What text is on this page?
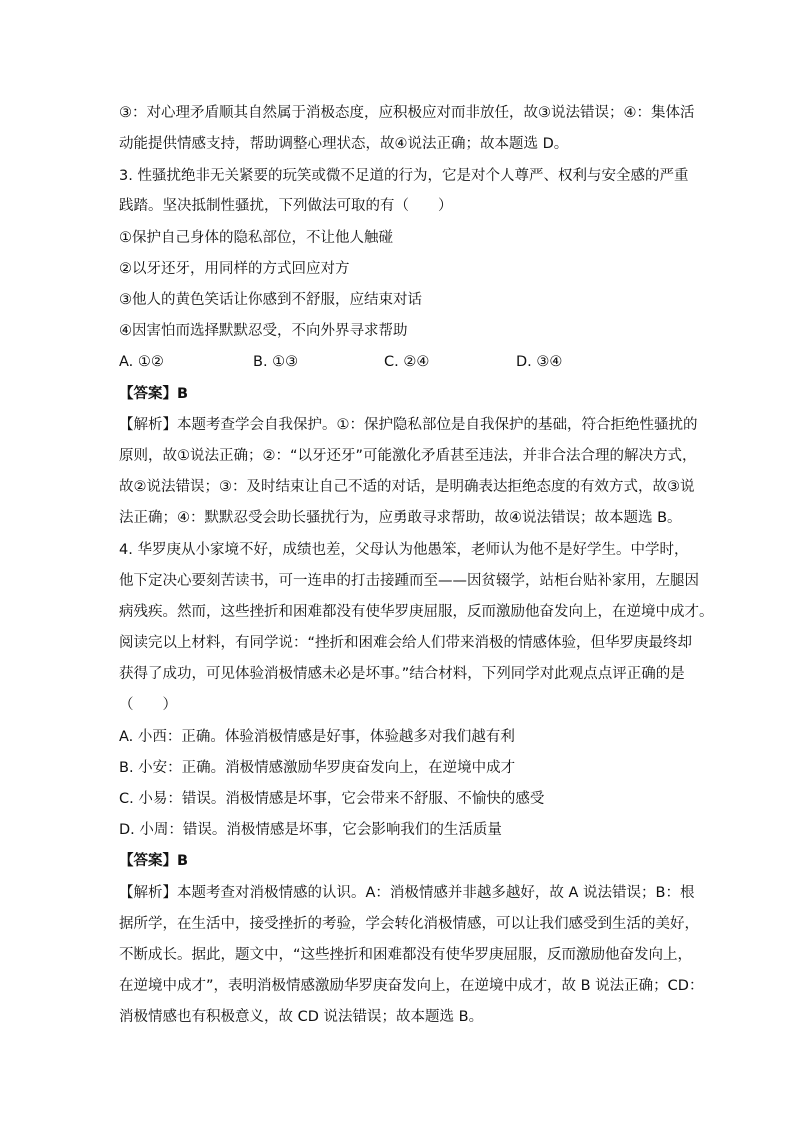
③：对心理矛盾顺其自然属于消极态度，应积极应对而非放任，故③说法错误；④：集体活
动能提供情感支持，帮助调整心理状态，故④说法正确；故本题选 D。
3. 性骚扰绝非无关紧要的玩笑或微不足道的行为，它是对个人尊严、权利与安全感的严重
践踏。坚决抵制性骚扰，下列做法可取的有（　　）
①保护自己身体的隐私部位，不让他人触碰
②以牙还牙，用同样的方式回应对方
③他人的黄色笑话让你感到不舒服，应结束对话
④因害怕而选择默默忍受，不向外界寻求帮助
A. ①②	B. ①③	C. ②④	D. ③④
【答案】B
【解析】本题考查学会自我保护。①：保护隐私部位是自我保护的基础，符合拒绝性骚扰的
原则，故①说法正确；②：“以牙还牙”可能激化矛盾甚至违法，并非合法合理的解决方式，
故②说法错误；③：及时结束让自己不适的对话，是明确表达拒绝态度的有效方式，故③说
法正确；④：默默忍受会助长骚扰行为，应勇敢寻求帮助，故④说法错误；故本题选 B。
4. 华罗庚从小家境不好，成绩也差，父母认为他愚笨，老师认为他不是好学生。中学时，
他下定决心要刻苦读书，可一连串的打击接踵而至——因贫辍学，站柜台贴补家用，左腿因
病残疾。然而，这些挫折和困难都没有使华罗庚屈服，反而激励他奋发向上，在逆境中成才。
阅读完以上材料，有同学说：“挫折和困难会给人们带来消极的情感体验，但华罗庚最终却
获得了成功，可见体验消极情感未必是坏事。”结合材料，下列同学对此观点点评正确的是
（　　）
A. 小西：正确。体验消极情感是好事，体验越多对我们越有利
B. 小安：正确。消极情感激励华罗庚奋发向上，在逆境中成才
C. 小易：错误。消极情感是坏事，它会带来不舒服、不愉快的感受
D. 小周：错误。消极情感是坏事，它会影响我们的生活质量
【答案】B
【解析】本题考查对消极情感的认识。A：消极情感并非越多越好，故 A 说法错误；B：根
据所学，在生活中，接受挫折的考验，学会转化消极情感，可以让我们感受到生活的美好，
不断成长。据此，题文中，“这些挫折和困难都没有使华罗庚屈服，反而激励他奋发向上，
在逆境中成才”，表明消极情感激励华罗庚奋发向上，在逆境中成才，故 B 说法正确；CD：
消极情感也有积极意义，故 CD 说法错误；故本题选 B。
